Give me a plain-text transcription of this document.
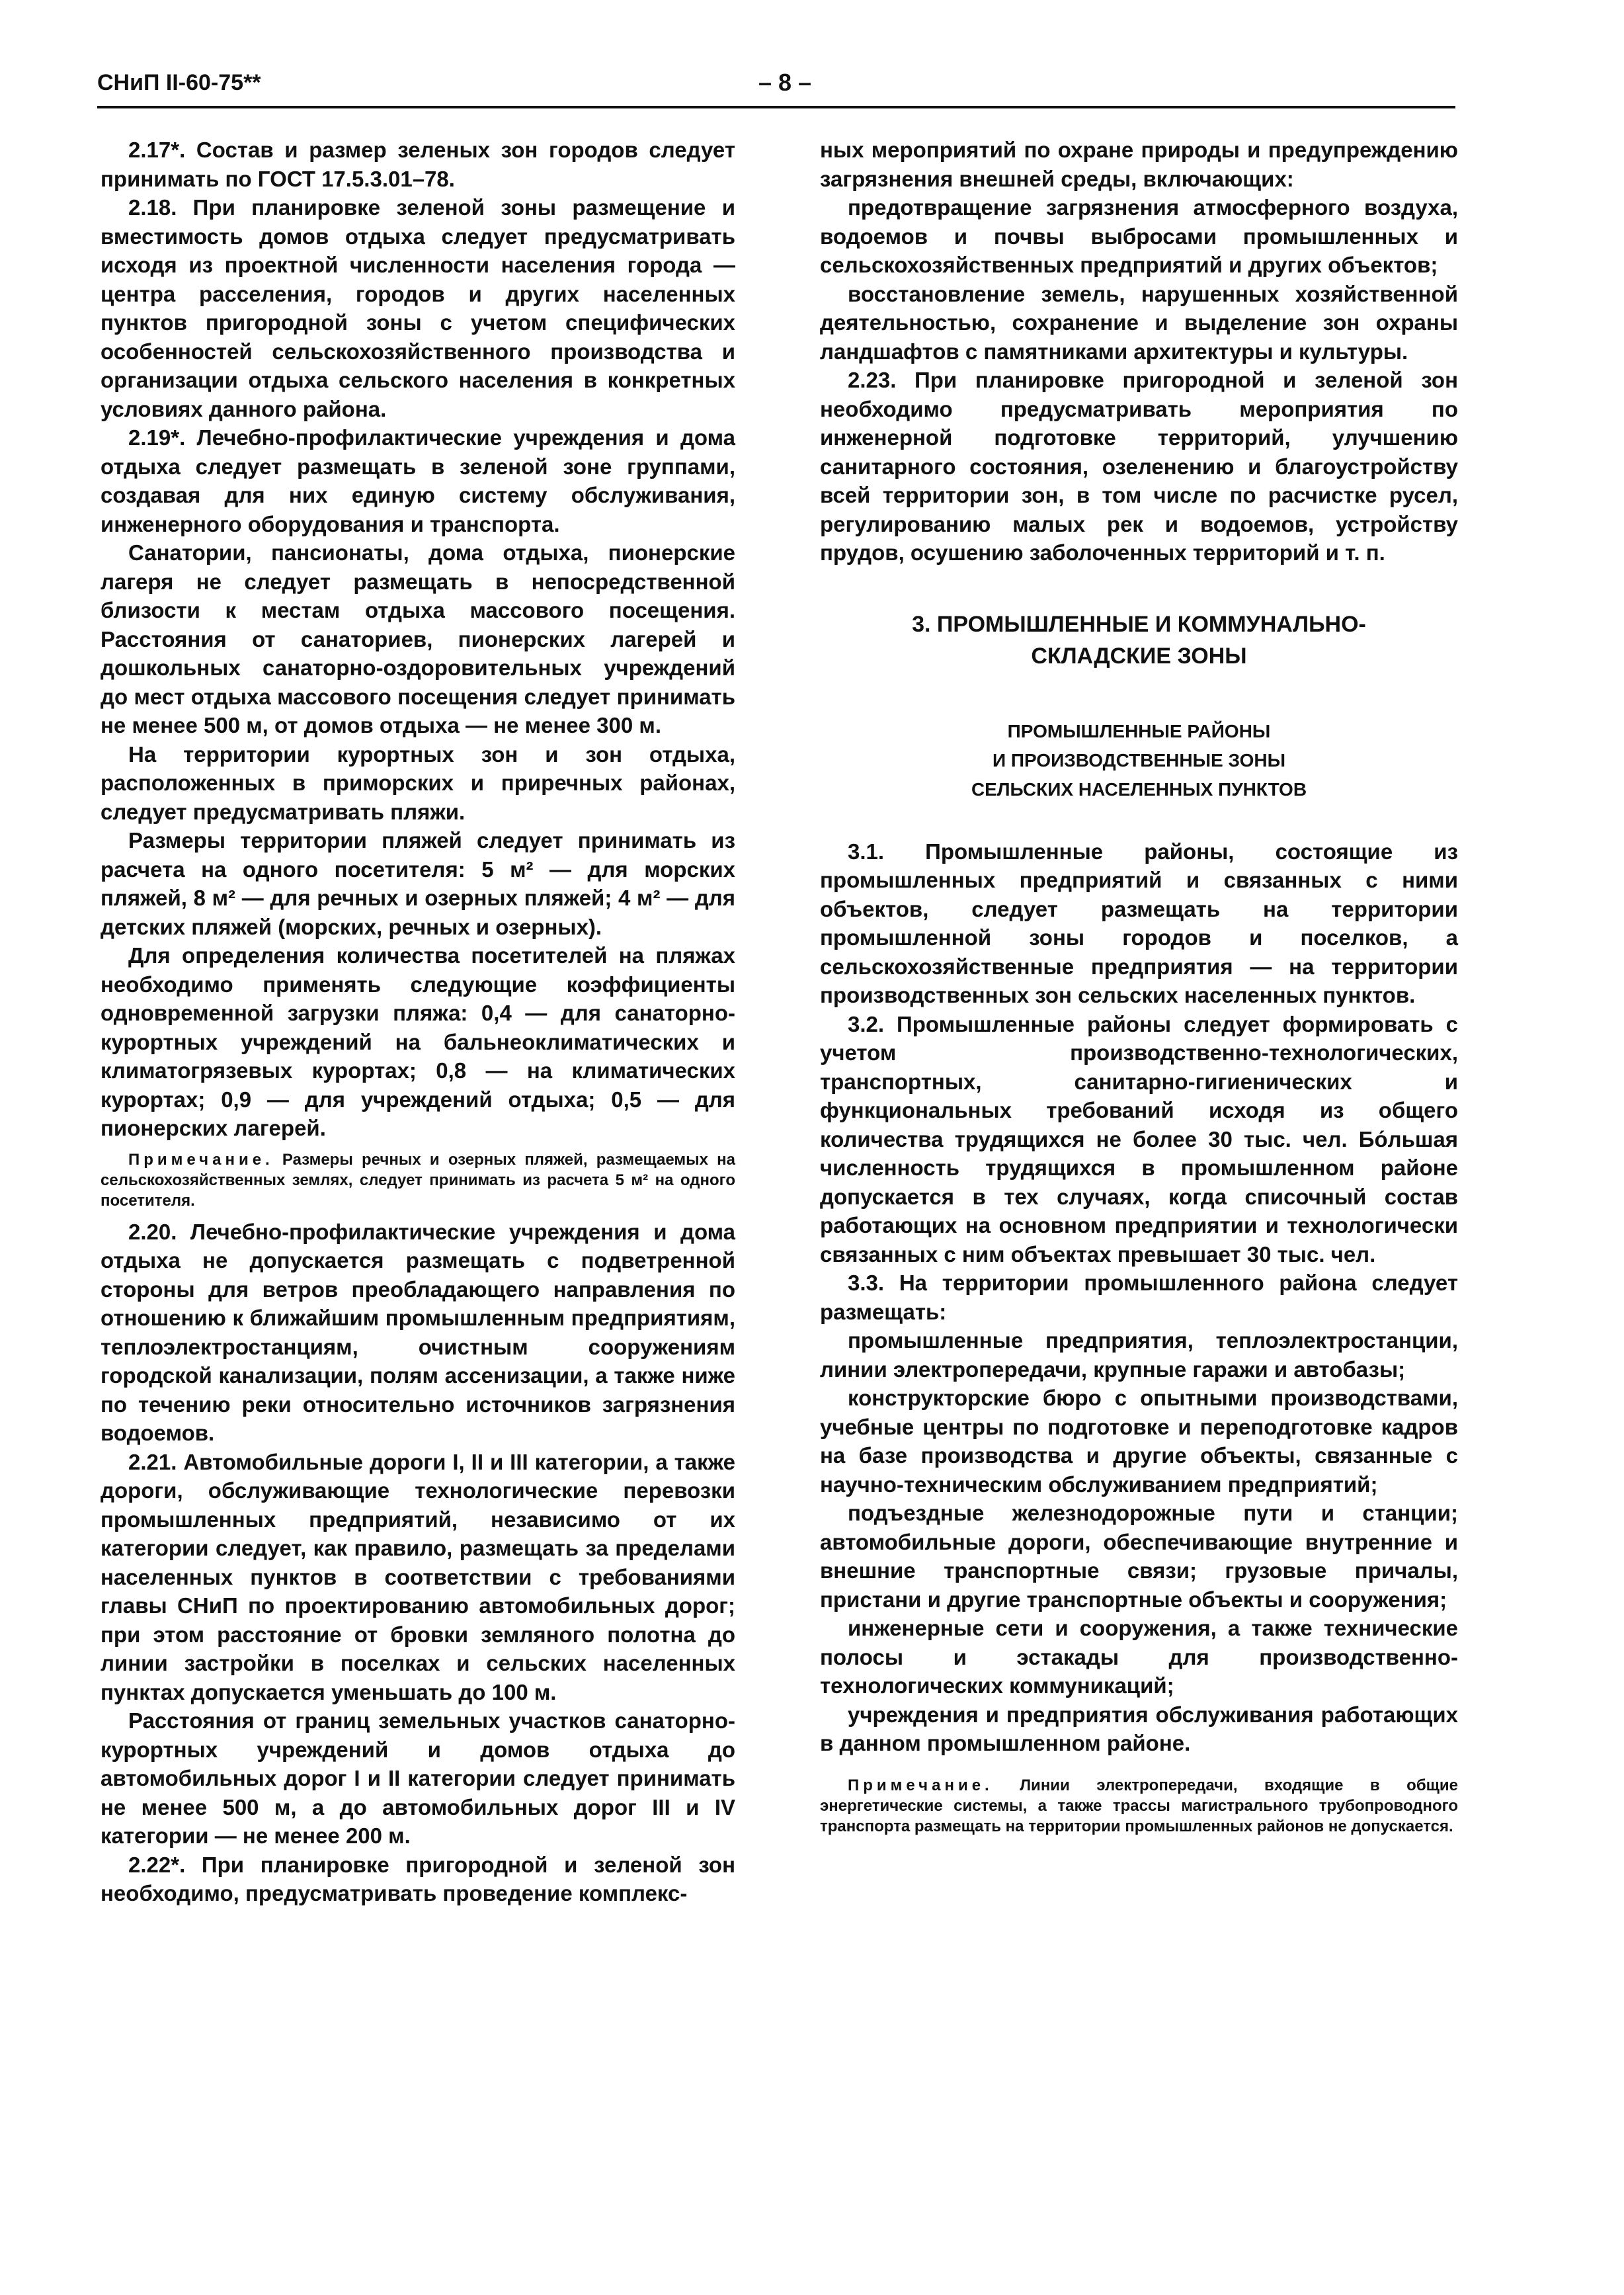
СНиП II-60-75**	– 8 –

2.17*. Состав и размер зеленых зон городов следует принимать по ГОСТ 17.5.3.01–78.

2.18. При планировке зеленой зоны размещение и вместимость домов отдыха следует предусматривать исходя из проектной численности населения города — центра расселения, городов и других населенных пунктов пригородной зоны с учетом специфических особенностей сельскохозяйственного производства и организации отдыха сельского населения в конкретных условиях данного района.

2.19*. Лечебно-профилактические учреждения и дома отдыха следует размещать в зеленой зоне группами, создавая для них единую систему обслуживания, инженерного оборудования и транспорта.

Санатории, пансионаты, дома отдыха, пионерские лагеря не следует размещать в непосредственной близости к местам отдыха массового посещения. Расстояния от санаториев, пионерских лагерей и дошкольных санаторно-оздоровительных учреждений до мест отдыха массового посещения следует принимать не менее 500 м, от домов отдыха — не менее 300 м.

На территории курортных зон и зон отдыха, расположенных в приморских и приречных районах, следует предусматривать пляжи.

Размеры территории пляжей следует принимать из расчета на одного посетителя: 5 м² — для морских пляжей, 8 м² — для речных и озерных пляжей; 4 м² — для детских пляжей (морских, речных и озерных).

Для определения количества посетителей на пляжах необходимо применять следующие коэффициенты одновременной загрузки пляжа: 0,4 — для санаторно-курортных учреждений на бальнеоклиматических и климатогрязевых курортах; 0,8 — на климатических курортах; 0,9 — для учреждений отдыха; 0,5 — для пионерских лагерей.

Примечание. Размеры речных и озерных пляжей, размещаемых на сельскохозяйственных землях, следует принимать из расчета 5 м² на одного посетителя.

2.20. Лечебно-профилактические учреждения и дома отдыха не допускается размещать с подветренной стороны для ветров преобладающего направления по отношению к ближайшим промышленным предприятиям, теплоэлектростанциям, очистным сооружениям городской канализации, полям ассенизации, а также ниже по течению реки относительно источников загрязнения водоемов.

2.21. Автомобильные дороги I, II и III категории, а также дороги, обслуживающие технологические перевозки промышленных предприятий, независимо от их категории следует, как правило, размещать за пределами населенных пунктов в соответствии с требованиями главы СНиП по проектированию автомобильных дорог; при этом расстояние от бровки земляного полотна до линии застройки в поселках и сельских населенных пунктах допускается уменьшать до 100 м.

Расстояния от границ земельных участков санаторно-курортных учреждений и домов отдыха до автомобильных дорог I и II категории следует принимать не менее 500 м, а до автомобильных дорог III и IV категории — не менее 200 м.

2.22*. При планировке пригородной и зеленой зон необходимо, предусматривать проведение комплекс-

ных мероприятий по охране природы и предупреждению загрязнения внешней среды, включающих:

предотвращение загрязнения атмосферного воздуха, водоемов и почвы выбросами промышленных и сельскохозяйственных предприятий и других объектов;

восстановление земель, нарушенных хозяйственной деятельностью, сохранение и выделение зон охраны ландшафтов с памятниками архитектуры и культуры.

2.23. При планировке пригородной и зеленой зон необходимо предусматривать мероприятия по инженерной подготовке территорий, улучшению санитарного состояния, озеленению и благоустройству всей территории зон, в том числе по расчистке русел, регулированию малых рек и водоемов, устройству прудов, осушению заболоченных территорий и т. п.

3. ПРОМЫШЛЕННЫЕ И КОММУНАЛЬНО-
СКЛАДСКИЕ ЗОНЫ
ПРОМЫШЛЕННЫЕ РАЙОНЫ
И ПРОИЗВОДСТВЕННЫЕ ЗОНЫ
СЕЛЬСКИХ НАСЕЛЕННЫХ ПУНКТОВ

3.1. Промышленные районы, состоящие из промышленных предприятий и связанных с ними объектов, следует размещать на территории промышленной зоны городов и поселков, а сельскохозяйственные предприятия — на территории производственных зон сельских населенных пунктов.

3.2. Промышленные районы следует формировать с учетом производственно-технологических, транспортных, санитарно-гигиенических и функциональных требований исходя из общего количества трудящихся не более 30 тыс. чел. Бо́льшая численность трудящихся в промышленном районе допускается в тех случаях, когда списочный состав работающих на основном предприятии и технологически связанных с ним объектах превышает 30 тыс. чел.

3.3. На территории промышленного района следует размещать:

промышленные предприятия, теплоэлектростанции, линии электропередачи, крупные гаражи и автобазы;

конструкторские бюро с опытными производствами, учебные центры по подготовке и переподготовке кадров на базе производства и другие объекты, связанные с научно-техническим обслуживанием предприятий;

подъездные железнодорожные пути и станции; автомобильные дороги, обеспечивающие внутренние и внешние транспортные связи; грузовые причалы, пристани и другие транспортные объекты и сооружения;

инженерные сети и сооружения, а также технические полосы и эстакады для производственно-технологических коммуникаций;

учреждения и предприятия обслуживания работающих в данном промышленном районе.

Примечание. Линии электропередачи, входящие в общие энергетические системы, а также трассы магистрального трубопроводного транспорта размещать на территории промышленных районов не допускается.
